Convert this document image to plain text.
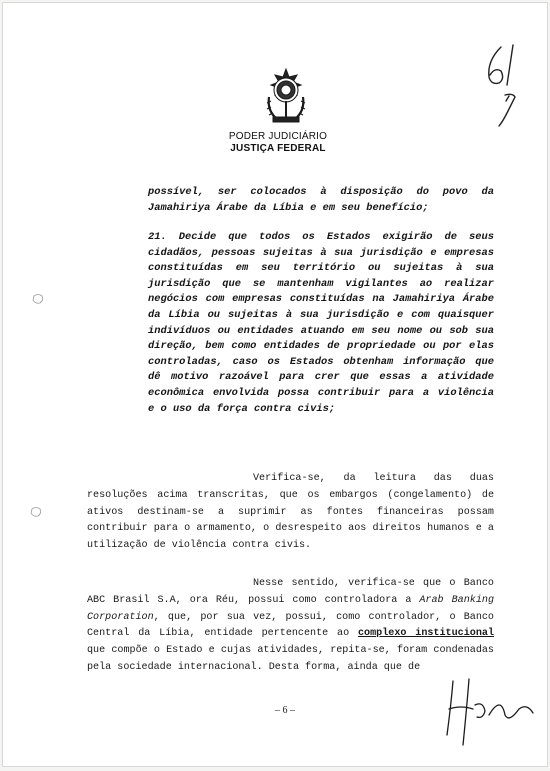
PODER JUDICIÁRIO
JUSTIÇA FEDERAL
possível, ser colocados à disposição do povo da
Jamahiriya Árabe da Líbia e em seu benefício;
21. Decide que todos os Estados exigirão de seus
cidadãos, pessoas sujeitas à sua jurisdição e empresas
constituídas em seu território ou sujeitas à sua
jurisdição que se mantenham vigilantes ao realizar
negócios com empresas constituídas na Jamahiriya Árabe
da Líbia ou sujeitas à sua jurisdição e com quaisquer
indivíduos ou entidades atuando em seu nome ou sob sua
direção, bem como entidades de propriedade ou por elas
controladas, caso os Estados obtenham informação que
dê motivo razoável para crer que essas a atividade
econômica envolvida possa contribuir para a violência
e o uso da força contra civis;

Verifica-se, da leitura das duas resoluções acima transcritas, que os embargos (congelamento) de ativos destinam-se a suprimir as fontes financeiras possam contribuir para o armamento, o desrespeito aos direitos humanos e a utilização de violência contra civis.

Nesse sentido, verifica-se que o Banco ABC Brasil S.A, ora Réu, possui como controladora a Arab Banking Corporation, que, por sua vez, possui, como controlador, o Banco Central da Líbia, entidade pertencente ao complexo institucional que compõe o Estado e cujas atividades, repita-se, foram condenadas pela sociedade internacional. Desta forma, ainda que de

– 6 –
